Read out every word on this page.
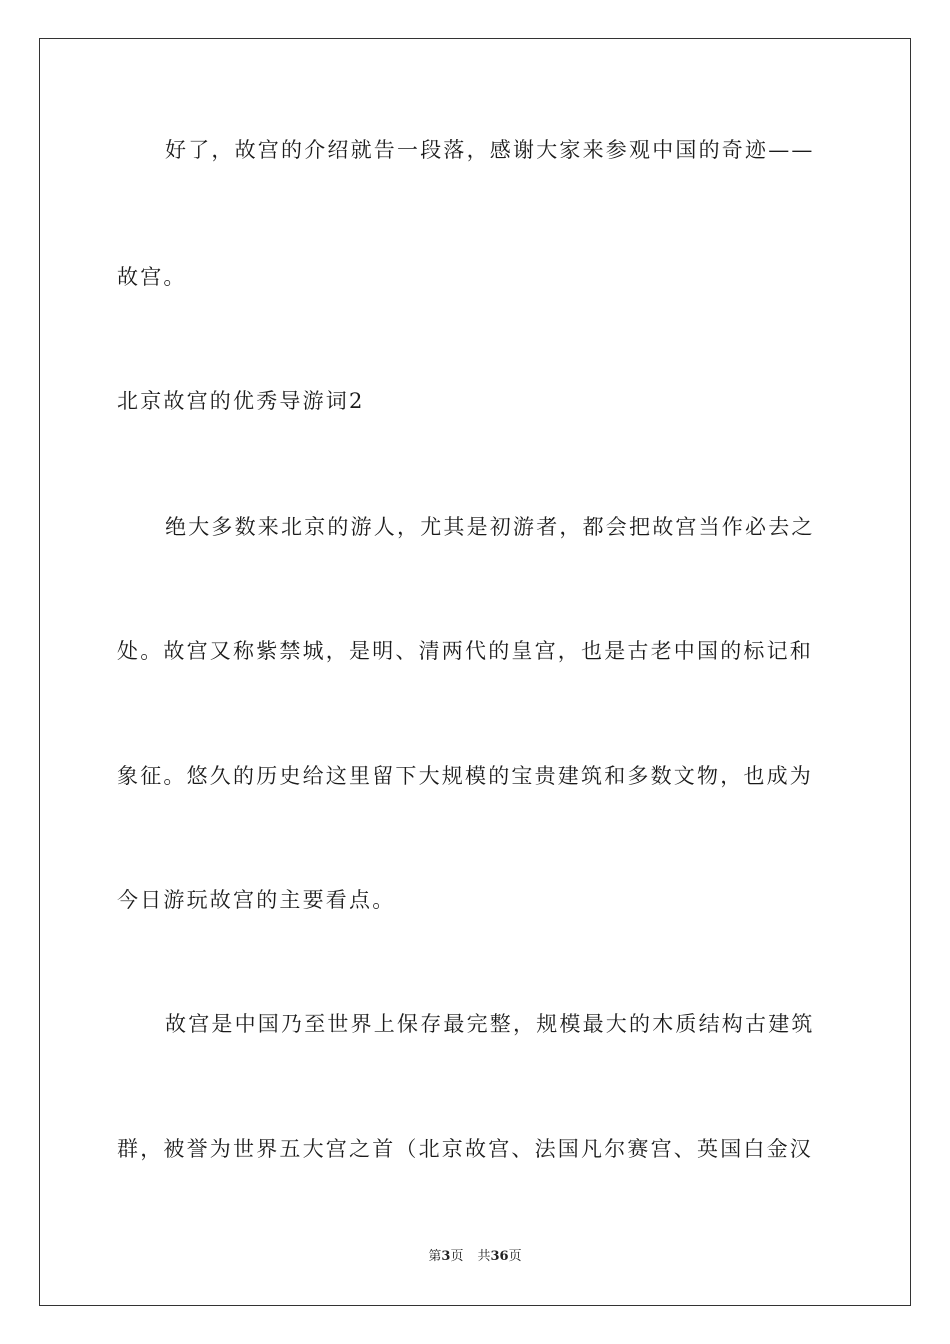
好了，故宫的介绍就告一段落，感谢大家来参观中国的奇迹——
故宫。
北京故宫的优秀导游词2
绝大多数来北京的游人，尤其是初游者，都会把故宫当作必去之
处。故宫又称紫禁城，是明、清两代的皇宫，也是古老中国的标记和
象征。悠久的历史给这里留下大规模的宝贵建筑和多数文物，也成为
今日游玩故宫的主要看点。
故宫是中国乃至世界上保存最完整，规模最大的木质结构古建筑
群，被誉为世界五大宫之首（北京故宫、法国凡尔赛宫、英国白金汉
第3页 共36页
